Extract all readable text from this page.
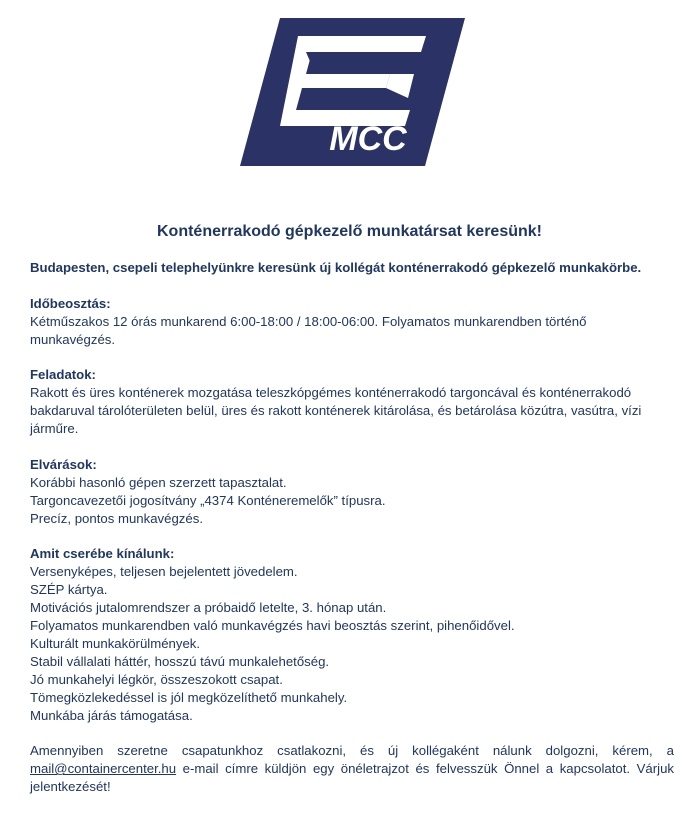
MCC
Konténerrakodó gépkezelő munkatársat keresünk!

Budapesten, csepeli telephelyünkre keresünk új kollégát konténerrakodó gépkezelő munkakörbe.

Időbeosztás:
Kétműszakos 12 órás munkarend 6:00-18:00 / 18:00-06:00. Folyamatos munkarendben történő munkavégzés.
Feladatok:
Rakott és üres konténerek mozgatása teleszkópgémes konténerrakodó targoncával és konténerrakodó bakdaruval tárolóterületen belül, üres és rakott konténerek kitárolása, és betárolása közútra, vasútra, vízi járműre.
Elvárások:
Korábbi hasonló gépen szerzett tapasztalat.
Targoncavezetői jogosítvány „4374 Konténeremelők” típusra.
Precíz, pontos munkavégzés.
Amit cserébe kínálunk:
Versenyképes, teljesen bejelentett jövedelem.
SZÉP kártya.
Motivációs jutalomrendszer a próbaidő letelte, 3. hónap után.
Folyamatos munkarendben való munkavégzés havi beosztás szerint, pihenőidővel.
Kulturált munkakörülmények.
Stabil vállalati háttér, hosszú távú munkalehetőség.
Jó munkahelyi légkör, összeszokott csapat.
Tömegközlekedéssel is jól megközelíthető munkahely.
Munkába járás támogatása.

Amennyiben szeretne csapatunkhoz csatlakozni, és új kollégaként nálunk dolgozni, kérem, a mail@containercenter.hu e-mail címre küldjön egy önéletrajzot és felvesszük Önnel a kapcsolatot. Várjuk jelentkezését!
